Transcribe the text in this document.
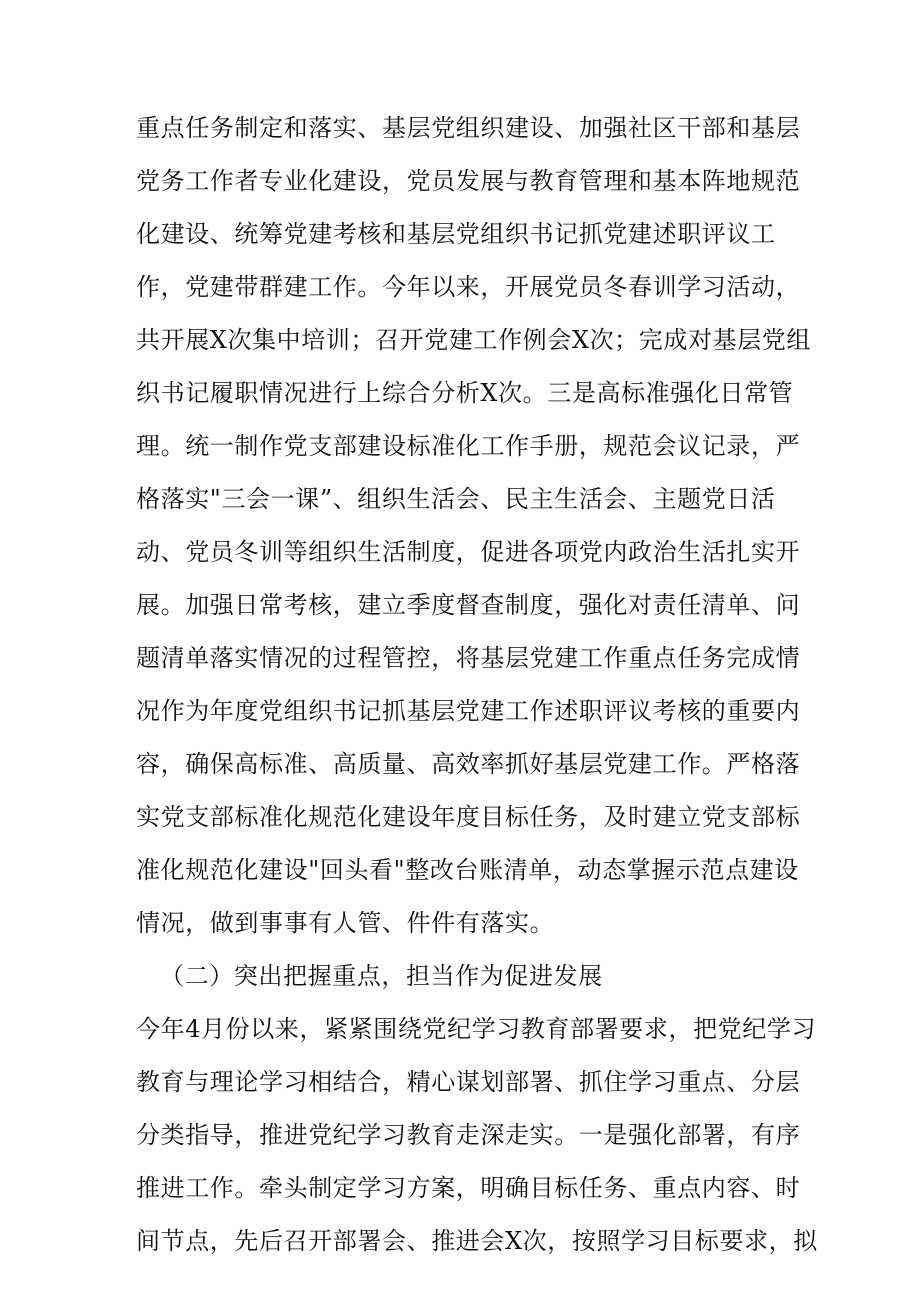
重点任务制定和落实、基层党组织建设、加强社区干部和基层
党务工作者专业化建设，党员发展与教育管理和基本阵地规范
化建设、统筹党建考核和基层党组织书记抓党建述职评议工
作，党建带群建工作。今年以来，开展党员冬春训学习活动，
共开展X次集中培训；召开党建工作例会X次；完成对基层党组
织书记履职情况进行上综合分析X次。三是高标准强化日常管
理。统一制作党支部建设标准化工作手册，规范会议记录，严
格落实"三会一课”、组织生活会、民主生活会、主题党日活
动、党员冬训等组织生活制度，促进各项党内政治生活扎实开
展。加强日常考核，建立季度督查制度，强化对责任清单、问
题清单落实情况的过程管控，将基层党建工作重点任务完成情
况作为年度党组织书记抓基层党建工作述职评议考核的重要内
容，确保高标准、高质量、高效率抓好基层党建工作。严格落
实党支部标准化规范化建设年度目标任务，及时建立党支部标
准化规范化建设"回头看"整改台账清单，动态掌握示范点建设
情况，做到事事有人管、件件有落实。
（二）突出把握重点，担当作为促进发展
今年4月份以来，紧紧围绕党纪学习教育部署要求，把党纪学习
教育与理论学习相结合，精心谋划部署、抓住学习重点、分层
分类指导，推进党纪学习教育走深走实。一是强化部署，有序
推进工作。牵头制定学习方案，明确目标任务、重点内容、时
间节点，先后召开部署会、推进会X次，按照学习目标要求，拟
